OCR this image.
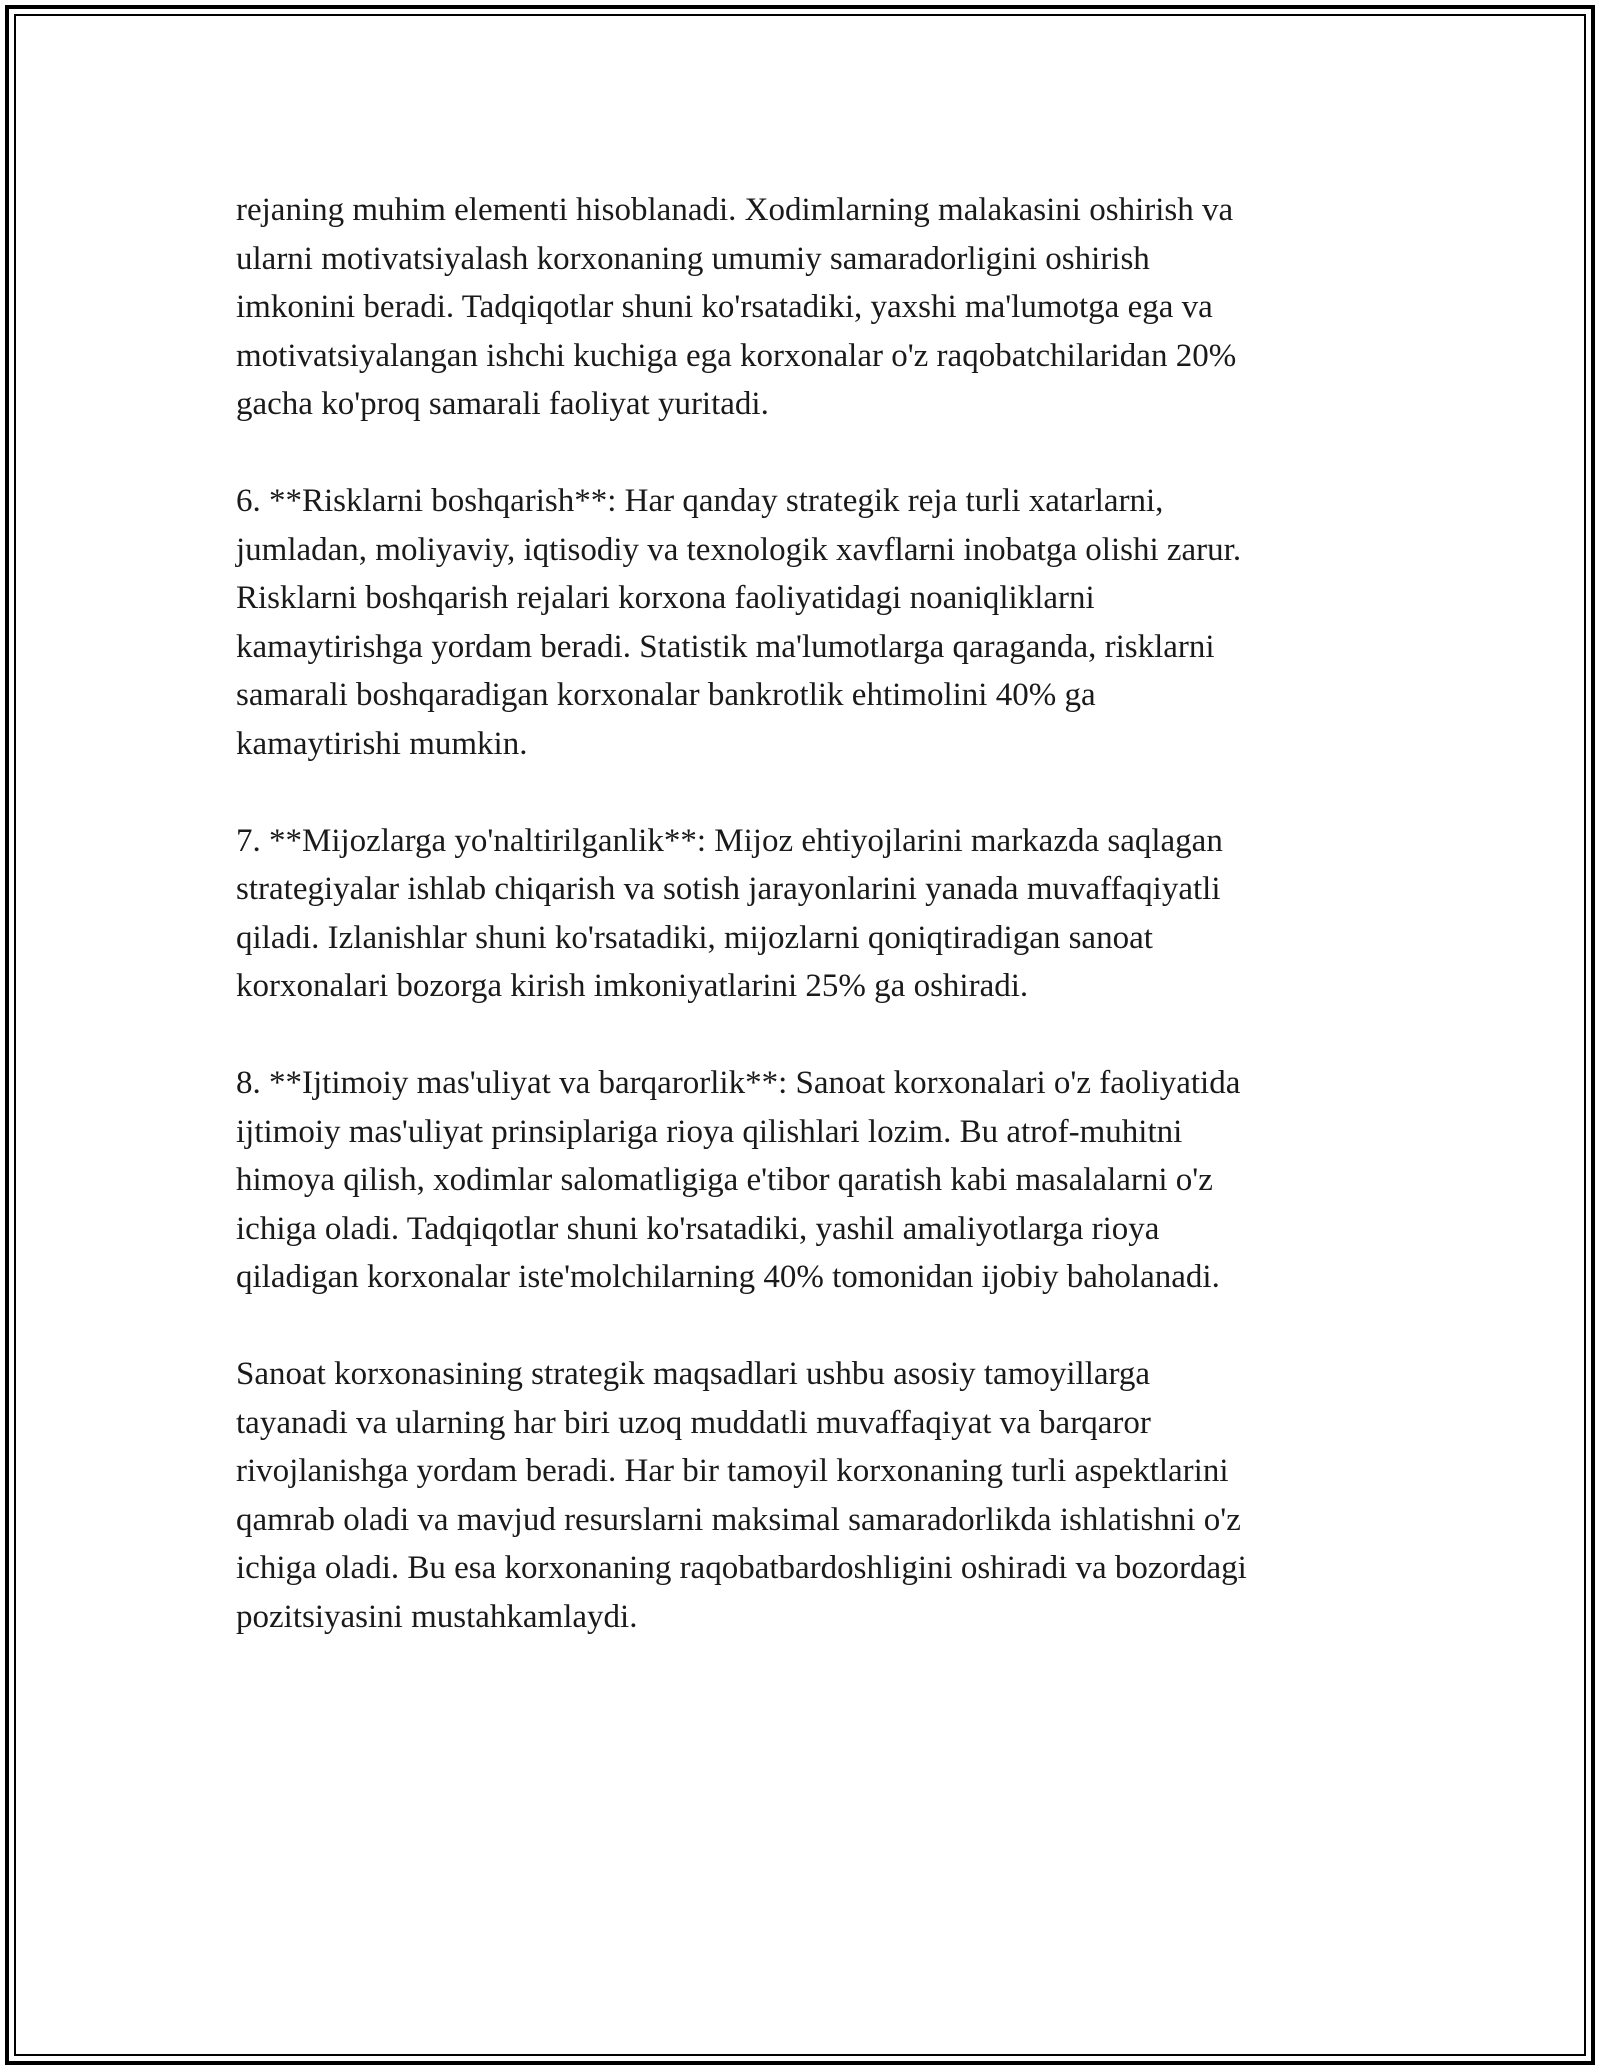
rejaning muhim elementi hisoblanadi. Xodimlarning malakasini oshirish va
ularni motivatsiyalash korxonaning umumiy samaradorligini oshirish
imkonini beradi. Tadqiqotlar shuni ko'rsatadiki, yaxshi ma'lumotga ega va
motivatsiyalangan ishchi kuchiga ega korxonalar o'z raqobatchilaridan 20%
gacha ko'proq samarali faoliyat yuritadi.

6. **Risklarni boshqarish**: Har qanday strategik reja turli xatarlarni,
jumladan, moliyaviy, iqtisodiy va texnologik xavflarni inobatga olishi zarur.
Risklarni boshqarish rejalari korxona faoliyatidagi noaniqliklarni
kamaytirishga yordam beradi. Statistik ma'lumotlarga qaraganda, risklarni
samarali boshqaradigan korxonalar bankrotlik ehtimolini 40% ga
kamaytirishi mumkin.

7. **Mijozlarga yo'naltirilganlik**: Mijoz ehtiyojlarini markazda saqlagan
strategiyalar ishlab chiqarish va sotish jarayonlarini yanada muvaffaqiyatli
qiladi. Izlanishlar shuni ko'rsatadiki, mijozlarni qoniqtiradigan sanoat
korxonalari bozorga kirish imkoniyatlarini 25% ga oshiradi.

8. **Ijtimoiy mas'uliyat va barqarorlik**: Sanoat korxonalari o'z faoliyatida
ijtimoiy mas'uliyat prinsiplariga rioya qilishlari lozim. Bu atrof-muhitni
himoya qilish, xodimlar salomatligiga e'tibor qaratish kabi masalalarni o'z
ichiga oladi. Tadqiqotlar shuni ko'rsatadiki, yashil amaliyotlarga rioya
qiladigan korxonalar iste'molchilarning 40% tomonidan ijobiy baholanadi.

Sanoat korxonasining strategik maqsadlari ushbu asosiy tamoyillarga
tayanadi va ularning har biri uzoq muddatli muvaffaqiyat va barqaror
rivojlanishga yordam beradi. Har bir tamoyil korxonaning turli aspektlarini
qamrab oladi va mavjud resurslarni maksimal samaradorlikda ishlatishni o'z
ichiga oladi. Bu esa korxonaning raqobatbardoshligini oshiradi va bozordagi
pozitsiyasini mustahkamlaydi.
